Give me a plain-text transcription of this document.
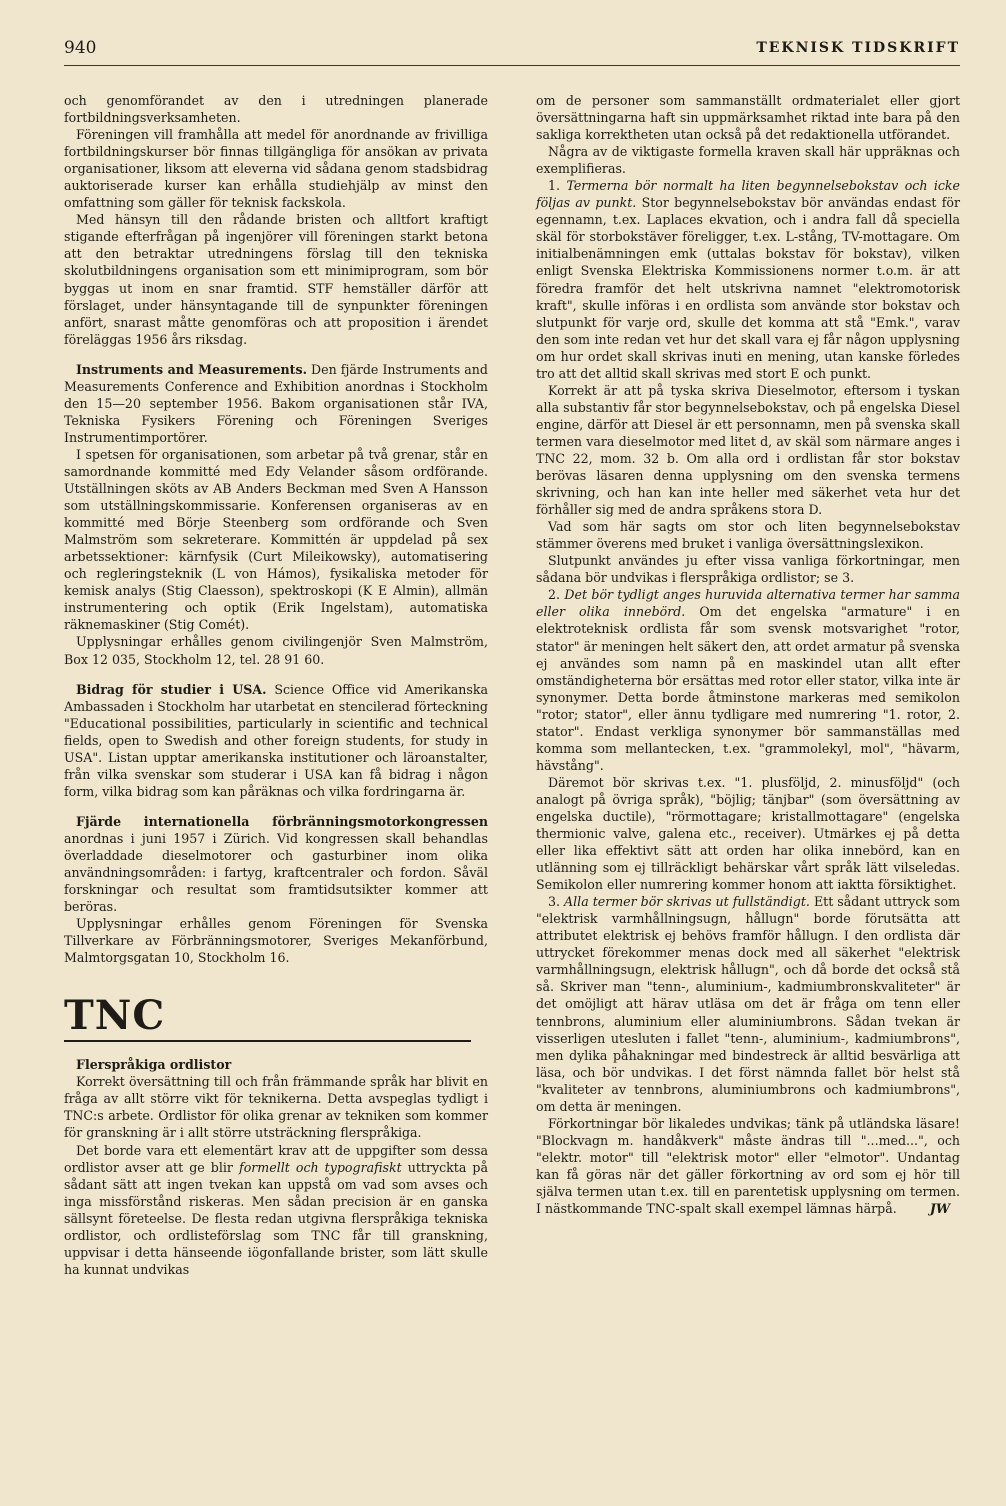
940	TEKNISK TIDSKRIFT

och genomförandet av den i utredningen planerade fortbildningsverksamheten.

Föreningen vill framhålla att medel för anordnande av frivilliga fortbildningskurser bör finnas tillgängliga för ansökan av privata organisationer, liksom att eleverna vid sådana genom stadsbidrag auktoriserade kurser kan erhålla studiehjälp av minst den omfattning som gäller för teknisk fackskola.

Med hänsyn till den rådande bristen och alltfort kraftigt stigande efterfrågan på ingenjörer vill föreningen starkt betona att den betraktar utredningens förslag till den tekniska skolutbildningens organisation som ett minimiprogram, som bör byggas ut inom en snar framtid. STF hemställer därför att förslaget, under hänsyntagande till de synpunkter föreningen anfört, snarast måtte genomföras och att proposition i ärendet föreläggas 1956 års riksdag.

Instruments and Measurements. Den fjärde Instruments and Measurements Conference and Exhibition anordnas i Stockholm den 15—20 september 1956. Bakom organisationen står IVA, Tekniska Fysikers Förening och Föreningen Sveriges Instrumentimportörer.

I spetsen för organisationen, som arbetar på två grenar, står en samordnande kommitté med Edy Velander såsom ordförande. Utställningen sköts av AB Anders Beckman med Sven A Hansson som utställningskommissarie. Konferensen organiseras av en kommitté med Börje Steenberg som ordförande och Sven Malmström som sekreterare. Kommittén är uppdelad på sex arbetssektioner: kärnfysik (Curt Mileikowsky), automatisering och regleringsteknik (L von Hámos), fysikaliska metoder för kemisk analys (Stig Claesson), spektroskopi (K E Almin), allmän instrumentering och optik (Erik Ingelstam), automatiska räknemaskiner (Stig Comét).

Upplysningar erhålles genom civilingenjör Sven Malmström, Box 12 035, Stockholm 12, tel. 28 91 60.

Bidrag för studier i USA. Science Office vid Amerikanska Ambassaden i Stockholm har utarbetat en stencilerad förteckning "Educational possibilities, particularly in scientific and technical fields, open to Swedish and other foreign students, for study in USA". Listan upptar amerikanska institutioner och läroanstalter, från vilka svenskar som studerar i USA kan få bidrag i någon form, vilka bidrag som kan påräknas och vilka fordringarna är.

Fjärde internationella förbränningsmotorkongressen anordnas i juni 1957 i Zürich. Vid kongressen skall behandlas överladdade dieselmotorer och gasturbiner inom olika användningsområden: i fartyg, kraftcentraler och fordon. Såväl forskningar och resultat som framtidsutsikter kommer att beröras.

Upplysningar erhålles genom Föreningen för Svenska Tillverkare av Förbränningsmotorer, Sveriges Mekanförbund, Malmtorgsgatan 10, Stockholm 16.

TNC

Flerspråkiga ordlistor

Korrekt översättning till och från främmande språk har blivit en fråga av allt större vikt för teknikerna. Detta avspeglas tydligt i TNC:s arbete. Ordlistor för olika grenar av tekniken som kommer för granskning är i allt större utsträckning flerspråkiga.

Det borde vara ett elementärt krav att de uppgifter som dessa ordlistor avser att ge blir formellt och typografiskt uttryckta på sådant sätt att ingen tvekan kan uppstå om vad som avses och inga missförstånd riskeras. Men sådan precision är en ganska sällsynt företeelse. De flesta redan utgivna flerspråkiga tekniska ordlistor, och ordlisteförslag som TNC får till granskning, uppvisar i detta hänseende iögonfallande brister, som lätt skulle ha kunnat undvikas

om de personer som sammanställt ordmaterialet eller gjort översättningarna haft sin uppmärksamhet riktad inte bara på den sakliga korrektheten utan också på det redaktionella utförandet.

Några av de viktigaste formella kraven skall här uppräknas och exemplifieras.

1. Termerna bör normalt ha liten begynnelsebokstav och icke följas av punkt. Stor begynnelsebokstav bör användas endast för egennamn, t.ex. Laplaces ekvation, och i andra fall då speciella skäl för storbokstäver föreligger, t.ex. L-stång, TV-mottagare. Om initialbenämningen emk (uttalas bokstav för bokstav), vilken enligt Svenska Elektriska Kommissionens normer t.o.m. är att föredra framför det helt utskrivna namnet "elektromotorisk kraft", skulle införas i en ordlista som använde stor bokstav och slutpunkt för varje ord, skulle det komma att stå "Emk.", varav den som inte redan vet hur det skall vara ej får någon upplysning om hur ordet skall skrivas inuti en mening, utan kanske förledes tro att det alltid skall skrivas med stort E och punkt.

Korrekt är att på tyska skriva Dieselmotor, eftersom i tyskan alla substantiv får stor begynnelsebokstav, och på engelska Diesel engine, därför att Diesel är ett personnamn, men på svenska skall termen vara dieselmotor med litet d, av skäl som närmare anges i TNC 22, mom. 32 b. Om alla ord i ordlistan får stor bokstav berövas läsaren denna upplysning om den svenska termens skrivning, och han kan inte heller med säkerhet veta hur det förhåller sig med de andra språkens stora D.

Vad som här sagts om stor och liten begynnelsebokstav stämmer överens med bruket i vanliga översättningslexikon.

Slutpunkt användes ju efter vissa vanliga förkortningar, men sådana bör undvikas i flerspråkiga ordlistor; se 3.

2. Det bör tydligt anges huruvida alternativa termer har samma eller olika innebörd. Om det engelska "armature" i en elektroteknisk ordlista får som svensk motsvarighet "rotor, stator" är meningen helt säkert den, att ordet armatur på svenska ej användes som namn på en maskindel utan allt efter omständigheterna bör ersättas med rotor eller stator, vilka inte är synonymer. Detta borde åtminstone markeras med semikolon "rotor; stator", eller ännu tydligare med numrering "1. rotor, 2. stator". Endast verkliga synonymer bör sammanställas med komma som mellantecken, t.ex. "grammolekyl, mol", "hävarm, hävstång".

Däremot bör skrivas t.ex. "1. plusföljd, 2. minusföljd" (och analogt på övriga språk), "böjlig; tänjbar" (som översättning av engelska ductile), "rörmottagare; kristallmottagare" (engelska thermionic valve, galena etc., receiver). Utmärkes ej på detta eller lika effektivt sätt att orden har olika innebörd, kan en utlänning som ej tillräckligt behärskar vårt språk lätt vilseledas. Semikolon eller numrering kommer honom att iaktta försiktighet.

3. Alla termer bör skrivas ut fullständigt. Ett sådant uttryck som "elektrisk varmhållningsugn, hållugn" borde förutsätta att attributet elektrisk ej behövs framför hållugn. I den ordlista där uttrycket förekommer menas dock med all säkerhet "elektrisk varmhållningsugn, elektrisk hållugn", och då borde det också stå så. Skriver man "tenn-, aluminium-, kadmiumbronskvaliteter" är det omöjligt att härav utläsa om det är fråga om tenn eller tennbrons, aluminium eller aluminiumbrons. Sådan tvekan är visserligen utesluten i fallet "tenn-, aluminium-, kadmiumbrons", men dylika påhakningar med bindestreck är alltid besvärliga att läsa, och bör undvikas. I det först nämnda fallet bör helst stå "kvaliteter av tennbrons, aluminiumbrons och kadmiumbrons", om detta är meningen.

Förkortningar bör likaledes undvikas; tänk på utländska läsare! "Blockvagn m. handåkverk" måste ändras till "...med...", och "elektr. motor" till "elektrisk motor" eller "elmotor". Undantag kan få göras när det gäller förkortning av ord som ej hör till själva termen utan t.ex. till en parentetisk upplysning om termen. I nästkommande TNC-spalt skall exempel lämnas härpå.	JW
